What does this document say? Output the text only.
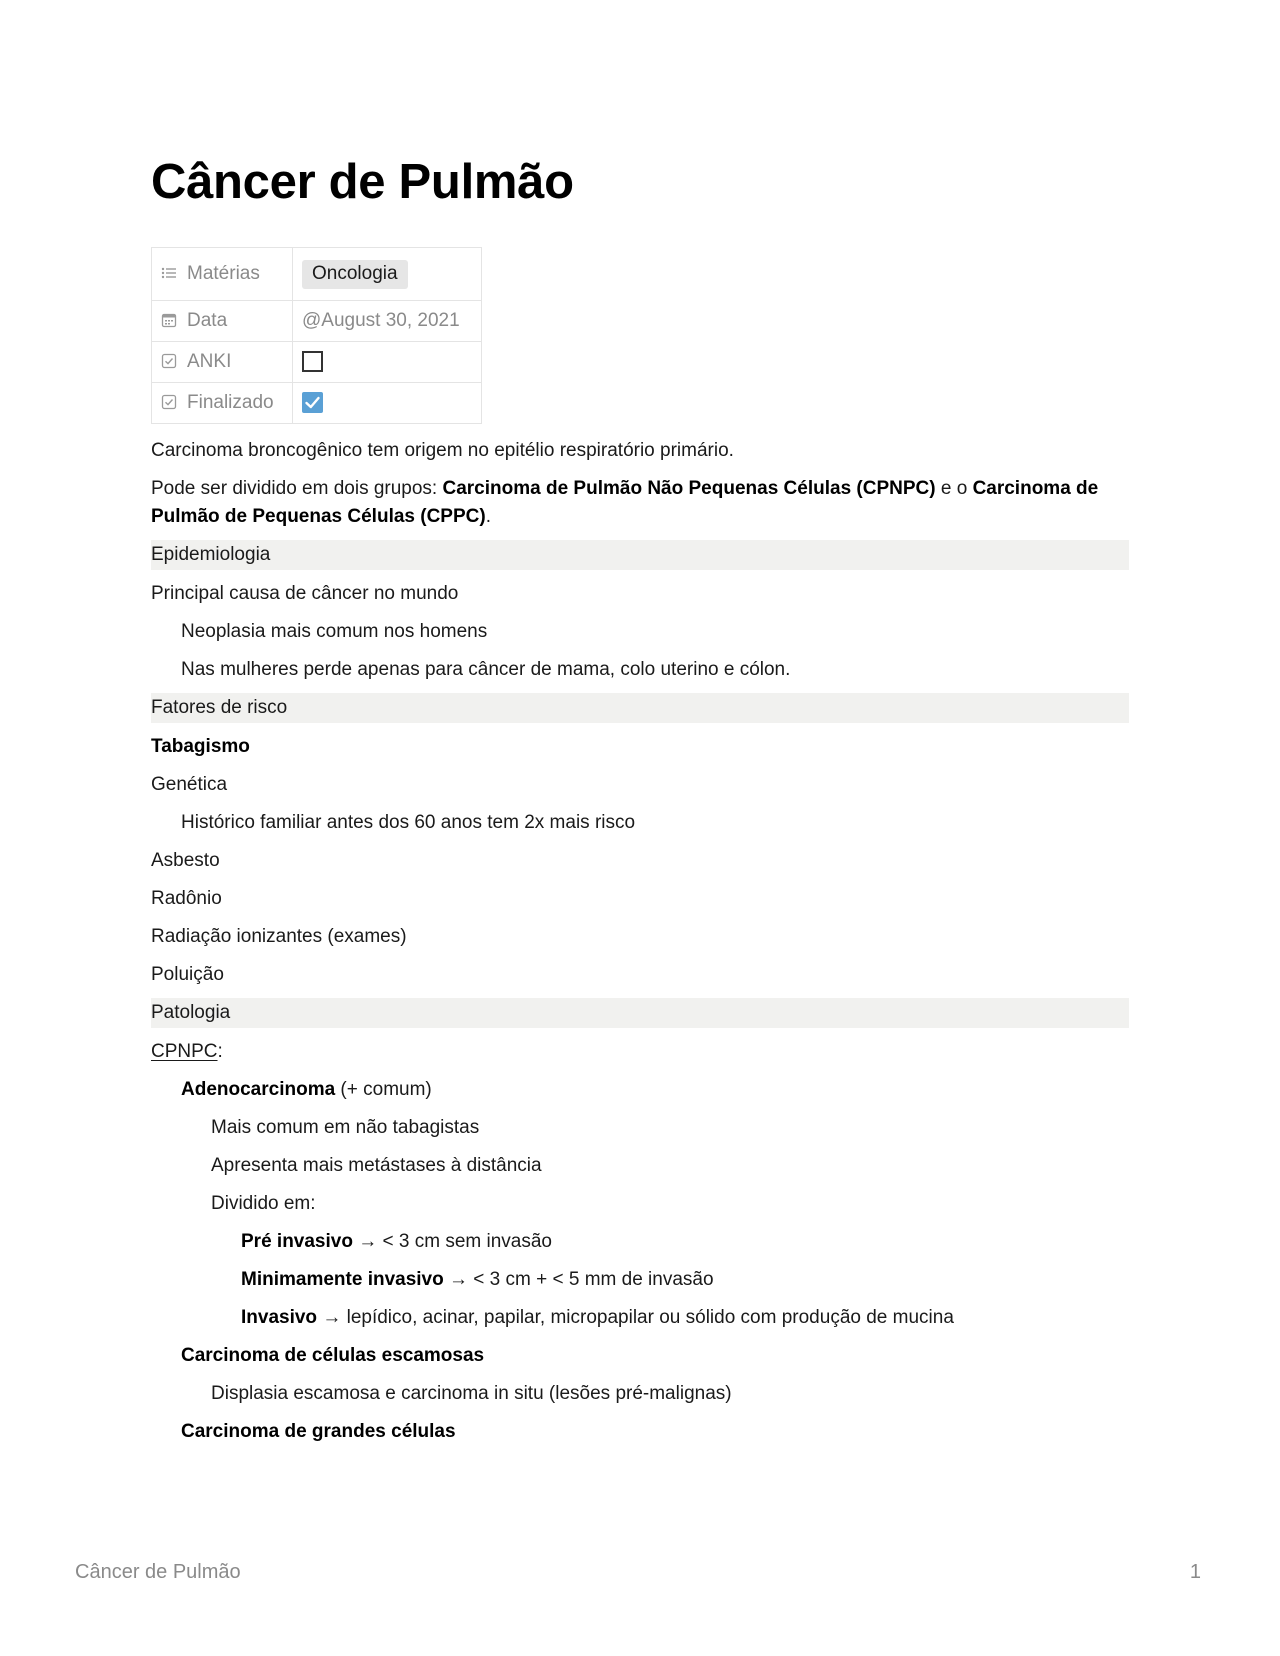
Câncer de Pulmão
Matérias	Oncologia
Data	@August 30, 2021
ANKI	
Finalizado	

Carcinoma broncogênico tem origem no epitélio respiratório primário.

Pode ser dividido em dois grupos: Carcinoma de Pulmão Não Pequenas Células (CPNPC) e o Carcinoma de Pulmão de Pequenas Células (CPPC).

Epidemiologia

Principal causa de câncer no mundo

Neoplasia mais comum nos homens

Nas mulheres perde apenas para câncer de mama, colo uterino e cólon.

Fatores de risco

Tabagismo

Genética

Histórico familiar antes dos 60 anos tem 2x mais risco

Asbesto

Radônio

Radiação ionizantes (exames)

Poluição

Patologia

CPNPC:

Adenocarcinoma (+ comum)

Mais comum em não tabagistas

Apresenta mais metástases à distância

Dividido em:

Pré invasivo → < 3 cm sem invasão

Minimamente invasivo → < 3 cm + < 5 mm de invasão

Invasivo → lepídico, acinar, papilar, micropapilar ou sólido com produção de mucina

Carcinoma de células escamosas

Displasia escamosa e carcinoma in situ (lesões pré-malignas)

Carcinoma de grandes células

Câncer de Pulmão	1
